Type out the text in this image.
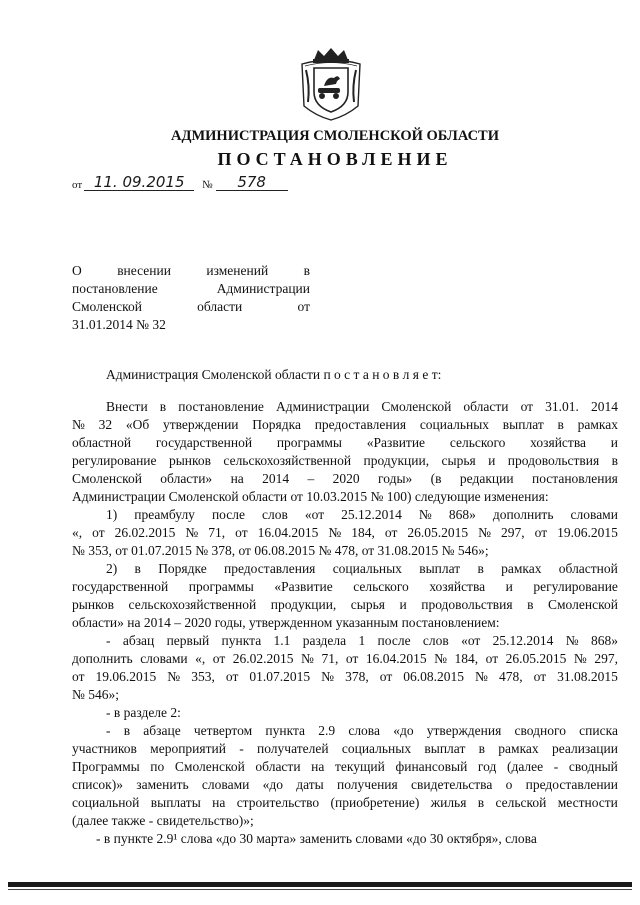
АДМИНИСТРАЦИЯ СМОЛЕНСКОЙ ОБЛАСТИ
ПОСТАНОВЛЕНИЕ
от 11. 09.2015 № 578
О	внесении	изменений	в
постановление	Администрации
Смоленской	области	от
31.01.2014 № 32
Администрация Смоленской области п о с т а н о в л я е т:
Внести в постановление Администрации Смоленской области от 31.01. 2014
№ 32 «Об утверждении Порядка предоставления социальных выплат в рамках
областной государственной программы «Развитие сельского хозяйства и
регулирование рынков сельскохозяйственной продукции, сырья и продовольствия в
Смоленской области» на 2014 – 2020 годы» (в редакции постановления
Администрации Смоленской области от 10.03.2015 № 100) следующие изменения:
1) преамбулу после слов «от 25.12.2014 № 868» дополнить словами
«, от 26.02.2015 № 71, от 16.04.2015 № 184, от 26.05.2015 № 297, от 19.06.2015
№ 353, от 01.07.2015 № 378, от 06.08.2015 № 478, от 31.08.2015 № 546»;
2) в Порядке предоставления социальных выплат в рамках областной
государственной программы «Развитие сельского хозяйства и регулирование
рынков сельскохозяйственной продукции, сырья и продовольствия в Смоленской
области» на 2014 – 2020 годы, утвержденном указанным постановлением:
- абзац первый пункта 1.1 раздела 1 после слов «от 25.12.2014 № 868»
дополнить словами «, от 26.02.2015 № 71, от 16.04.2015 № 184, от 26.05.2015 № 297,
от 19.06.2015 № 353, от 01.07.2015 № 378, от 06.08.2015 № 478, от 31.08.2015
№ 546»;
- в разделе 2:
- в абзаце четвертом пункта 2.9 слова «до утверждения сводного списка
участников мероприятий - получателей социальных выплат в рамках реализации
Программы по Смоленской области на текущий финансовый год (далее - сводный
список)» заменить словами «до даты получения свидетельства о предоставлении
социальной выплаты на строительство (приобретение) жилья в сельской местности
(далее также - свидетельство)»;
- в пункте 2.9¹ слова «до 30 марта» заменить словами «до 30 октября», слова
